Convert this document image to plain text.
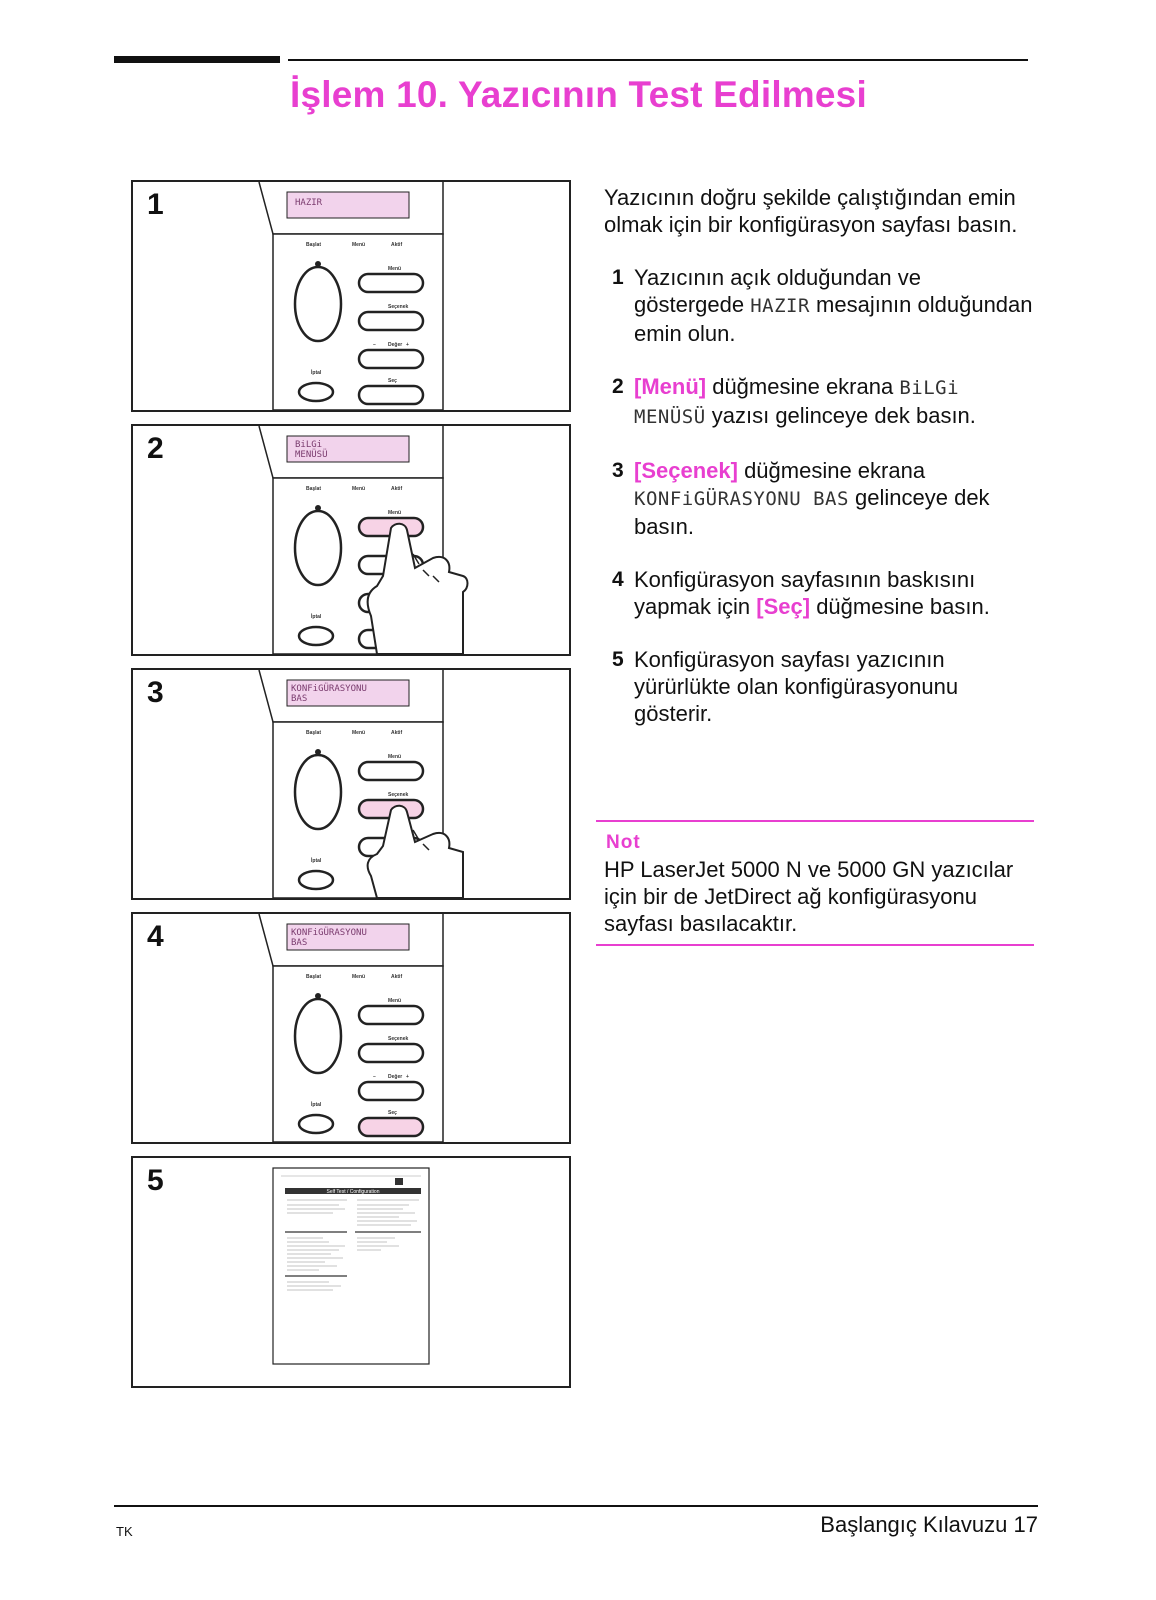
İşlem 10. Yazıcının Test Edilmesi
1	HAZIR
Başlat	Menü	Aktif
Menü
Seçenek
– Değer +
İptal
Seç
2	BiLGi
MENÜSÜ
Başlat	Menü	Aktif
Menü
İptal
3	KONFiGÜRASYONU
BAS
Başlat	Menü	Aktif
Menü
Seçenek
İptal
4	KONFiGÜRASYONU
BAS
Başlat	Menü	Aktif
Menü
Seçenek
– Değer +
İptal
Seç
5	Self Test / Configuration

Yazıcının doğru şekilde çalıştığından emin olmak için bir konfigürasyon sayfası basın.

1 Yazıcının açık olduğundan ve göstergede HAZIR mesajının olduğundan emin olun.
2 [Menü] düğmesine ekrana BiLGi MENÜSÜ yazısı gelinceye dek basın.
3 [Seçenek] düğmesine ekrana KONFiGÜRASYONU BAS gelinceye dek basın.
4 Konfigürasyon sayfasının baskısını yapmak için [Seç] düğmesine basın.
5 Konfigürasyon sayfası yazıcının yürürlükte olan konfigürasyonunu gösterir.
Not
HP LaserJet 5000 N ve 5000 GN yazıcılar için bir de JetDirect ağ konfigürasyonu sayfası basılacaktır.
TK	Başlangıç Kılavuzu 17
